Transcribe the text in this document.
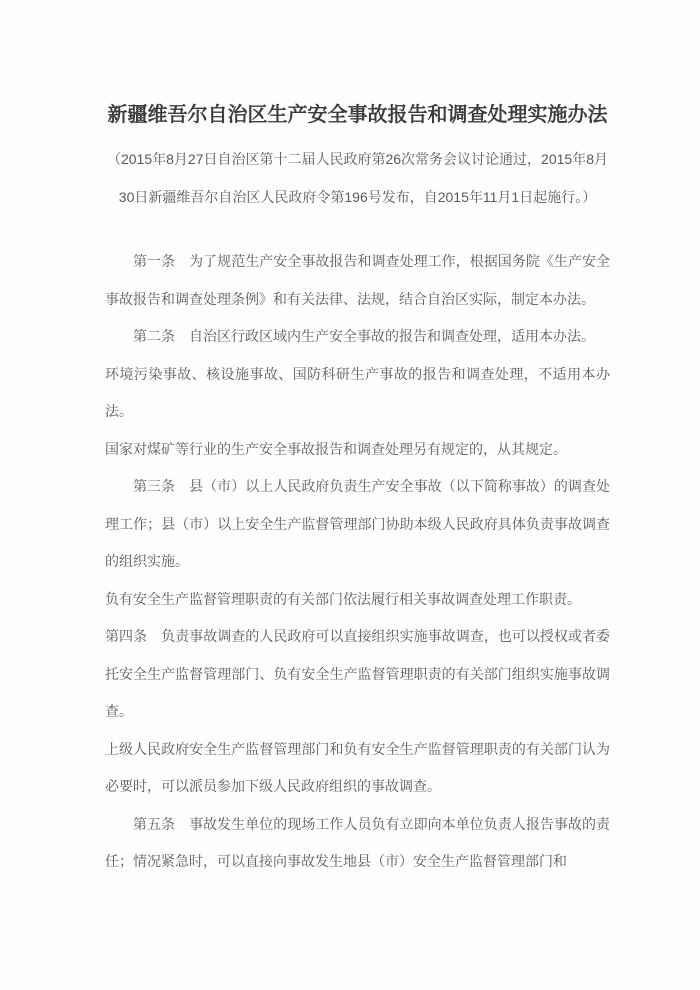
新疆维吾尔自治区生产安全事故报告和调查处理实施办法

（2015年8月27日自治区第十二届人民政府第26次常务会议讨论通过，2015年8月30日新疆维吾尔自治区人民政府令第196号发布，自2015年11月1日起施行。）

第一条　为了规范生产安全事故报告和调查处理工作，根据国务院《生产安全事故报告和调查处理条例》和有关法律、法规，结合自治区实际，制定本办法。

第二条　自治区行政区域内生产安全事故的报告和调查处理，适用本办法。

环境污染事故、核设施事故、国防科研生产事故的报告和调查处理，不适用本办法。

国家对煤矿等行业的生产安全事故报告和调查处理另有规定的，从其规定。

第三条　县（市）以上人民政府负责生产安全事故（以下简称事故）的调查处理工作；县（市）以上安全生产监督管理部门协助本级人民政府具体负责事故调查的组织实施。

负有安全生产监督管理职责的有关部门依法履行相关事故调查处理工作职责。

第四条　负责事故调查的人民政府可以直接组织实施事故调查，也可以授权或者委托安全生产监督管理部门、负有安全生产监督管理职责的有关部门组织实施事故调查。

上级人民政府安全生产监督管理部门和负有安全生产监督管理职责的有关部门认为必要时，可以派员参加下级人民政府组织的事故调查。

第五条　事故发生单位的现场工作人员负有立即向本单位负责人报告事故的责任；情况紧急时，可以直接向事故发生地县（市）安全生产监督管理部门和
